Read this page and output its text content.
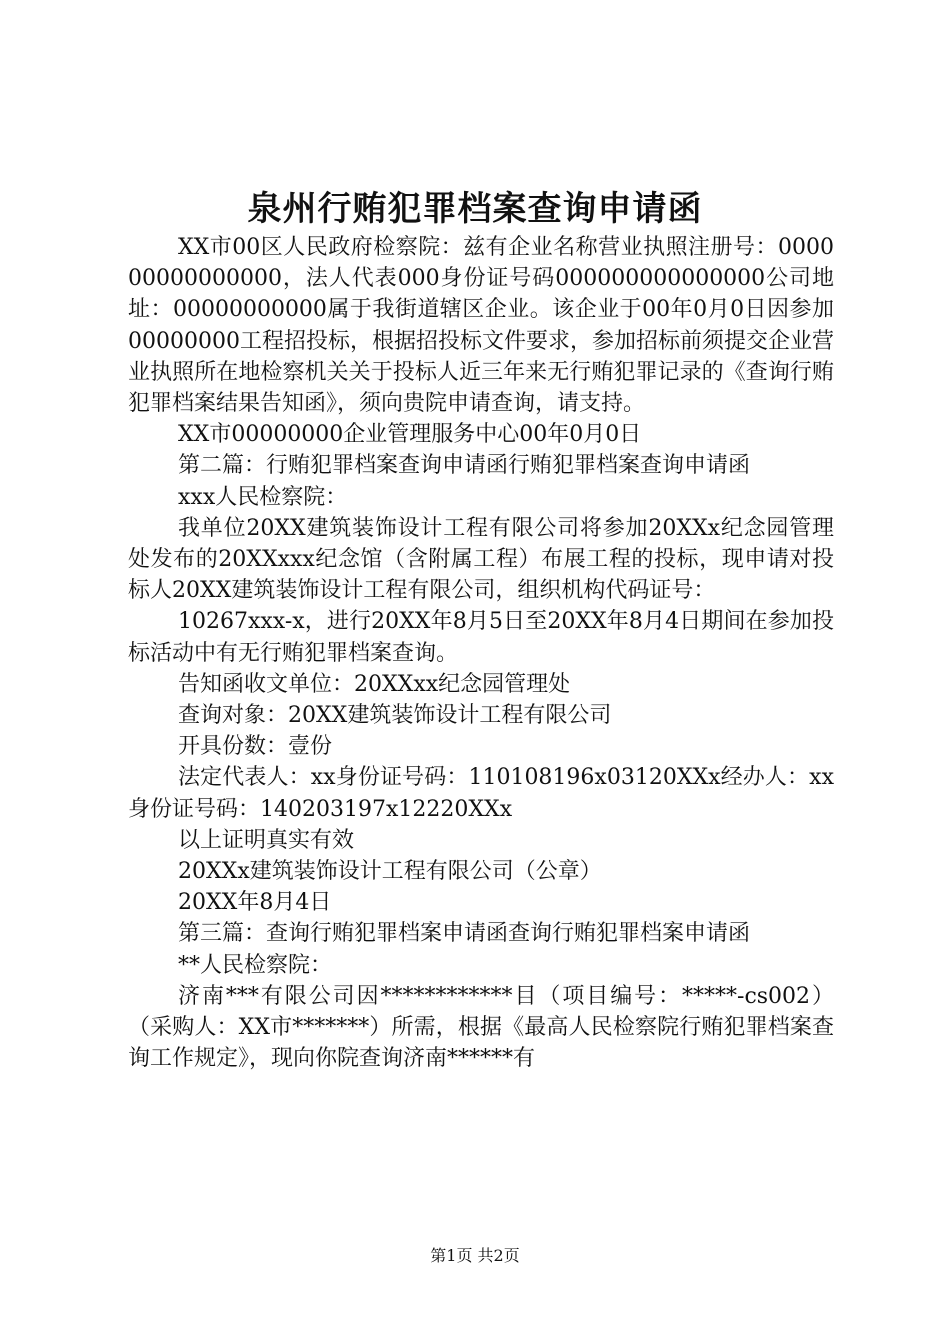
泉州行贿犯罪档案查询申请函

XX市00区人民政府检察院：兹有企业名称营业执照注册号：000000000000000，法人代表000身份证号码000000000000000公司地址：00000000000属于我街道辖区企业。该企业于00年0月0日因参加00000000工程招投标，根据招投标文件要求，参加招标前须提交企业营业执照所在地检察机关关于投标人近三年来无行贿犯罪记录的《查询行贿犯罪档案结果告知函》，须向贵院申请查询，请支持。

XX市00000000企业管理服务中心00年0月0日

第二篇：行贿犯罪档案查询申请函行贿犯罪档案查询申请函

xxx人民检察院：

我单位20XX建筑装饰设计工程有限公司将参加20XXx纪念园管理处发布的20XXxxx纪念馆（含附属工程）布展工程的投标，现申请对投标人20XX建筑装饰设计工程有限公司，组织机构代码证号：

10267xxx-x，进行20XX年8月5日至20XX年8月4日期间在参加投标活动中有无行贿犯罪档案查询。

告知函收文单位：20XXxx纪念园管理处

查询对象：20XX建筑装饰设计工程有限公司

开具份数：壹份

法定代表人：xx身份证号码：110108196x03120XXx经办人：xx身份证号码：140203197x12220XXx

以上证明真实有效

20XXx建筑装饰设计工程有限公司（公章）

20XX年8月4日

第三篇：查询行贿犯罪档案申请函查询行贿犯罪档案申请函

**人民检察院：

济南***有限公司因************目（项目编号：*****-cs002）（采购人：XX市*******）所需，根据《最高人民检察院行贿犯罪档案查询工作规定》，现向你院查询济南******有

第1页 共2页
